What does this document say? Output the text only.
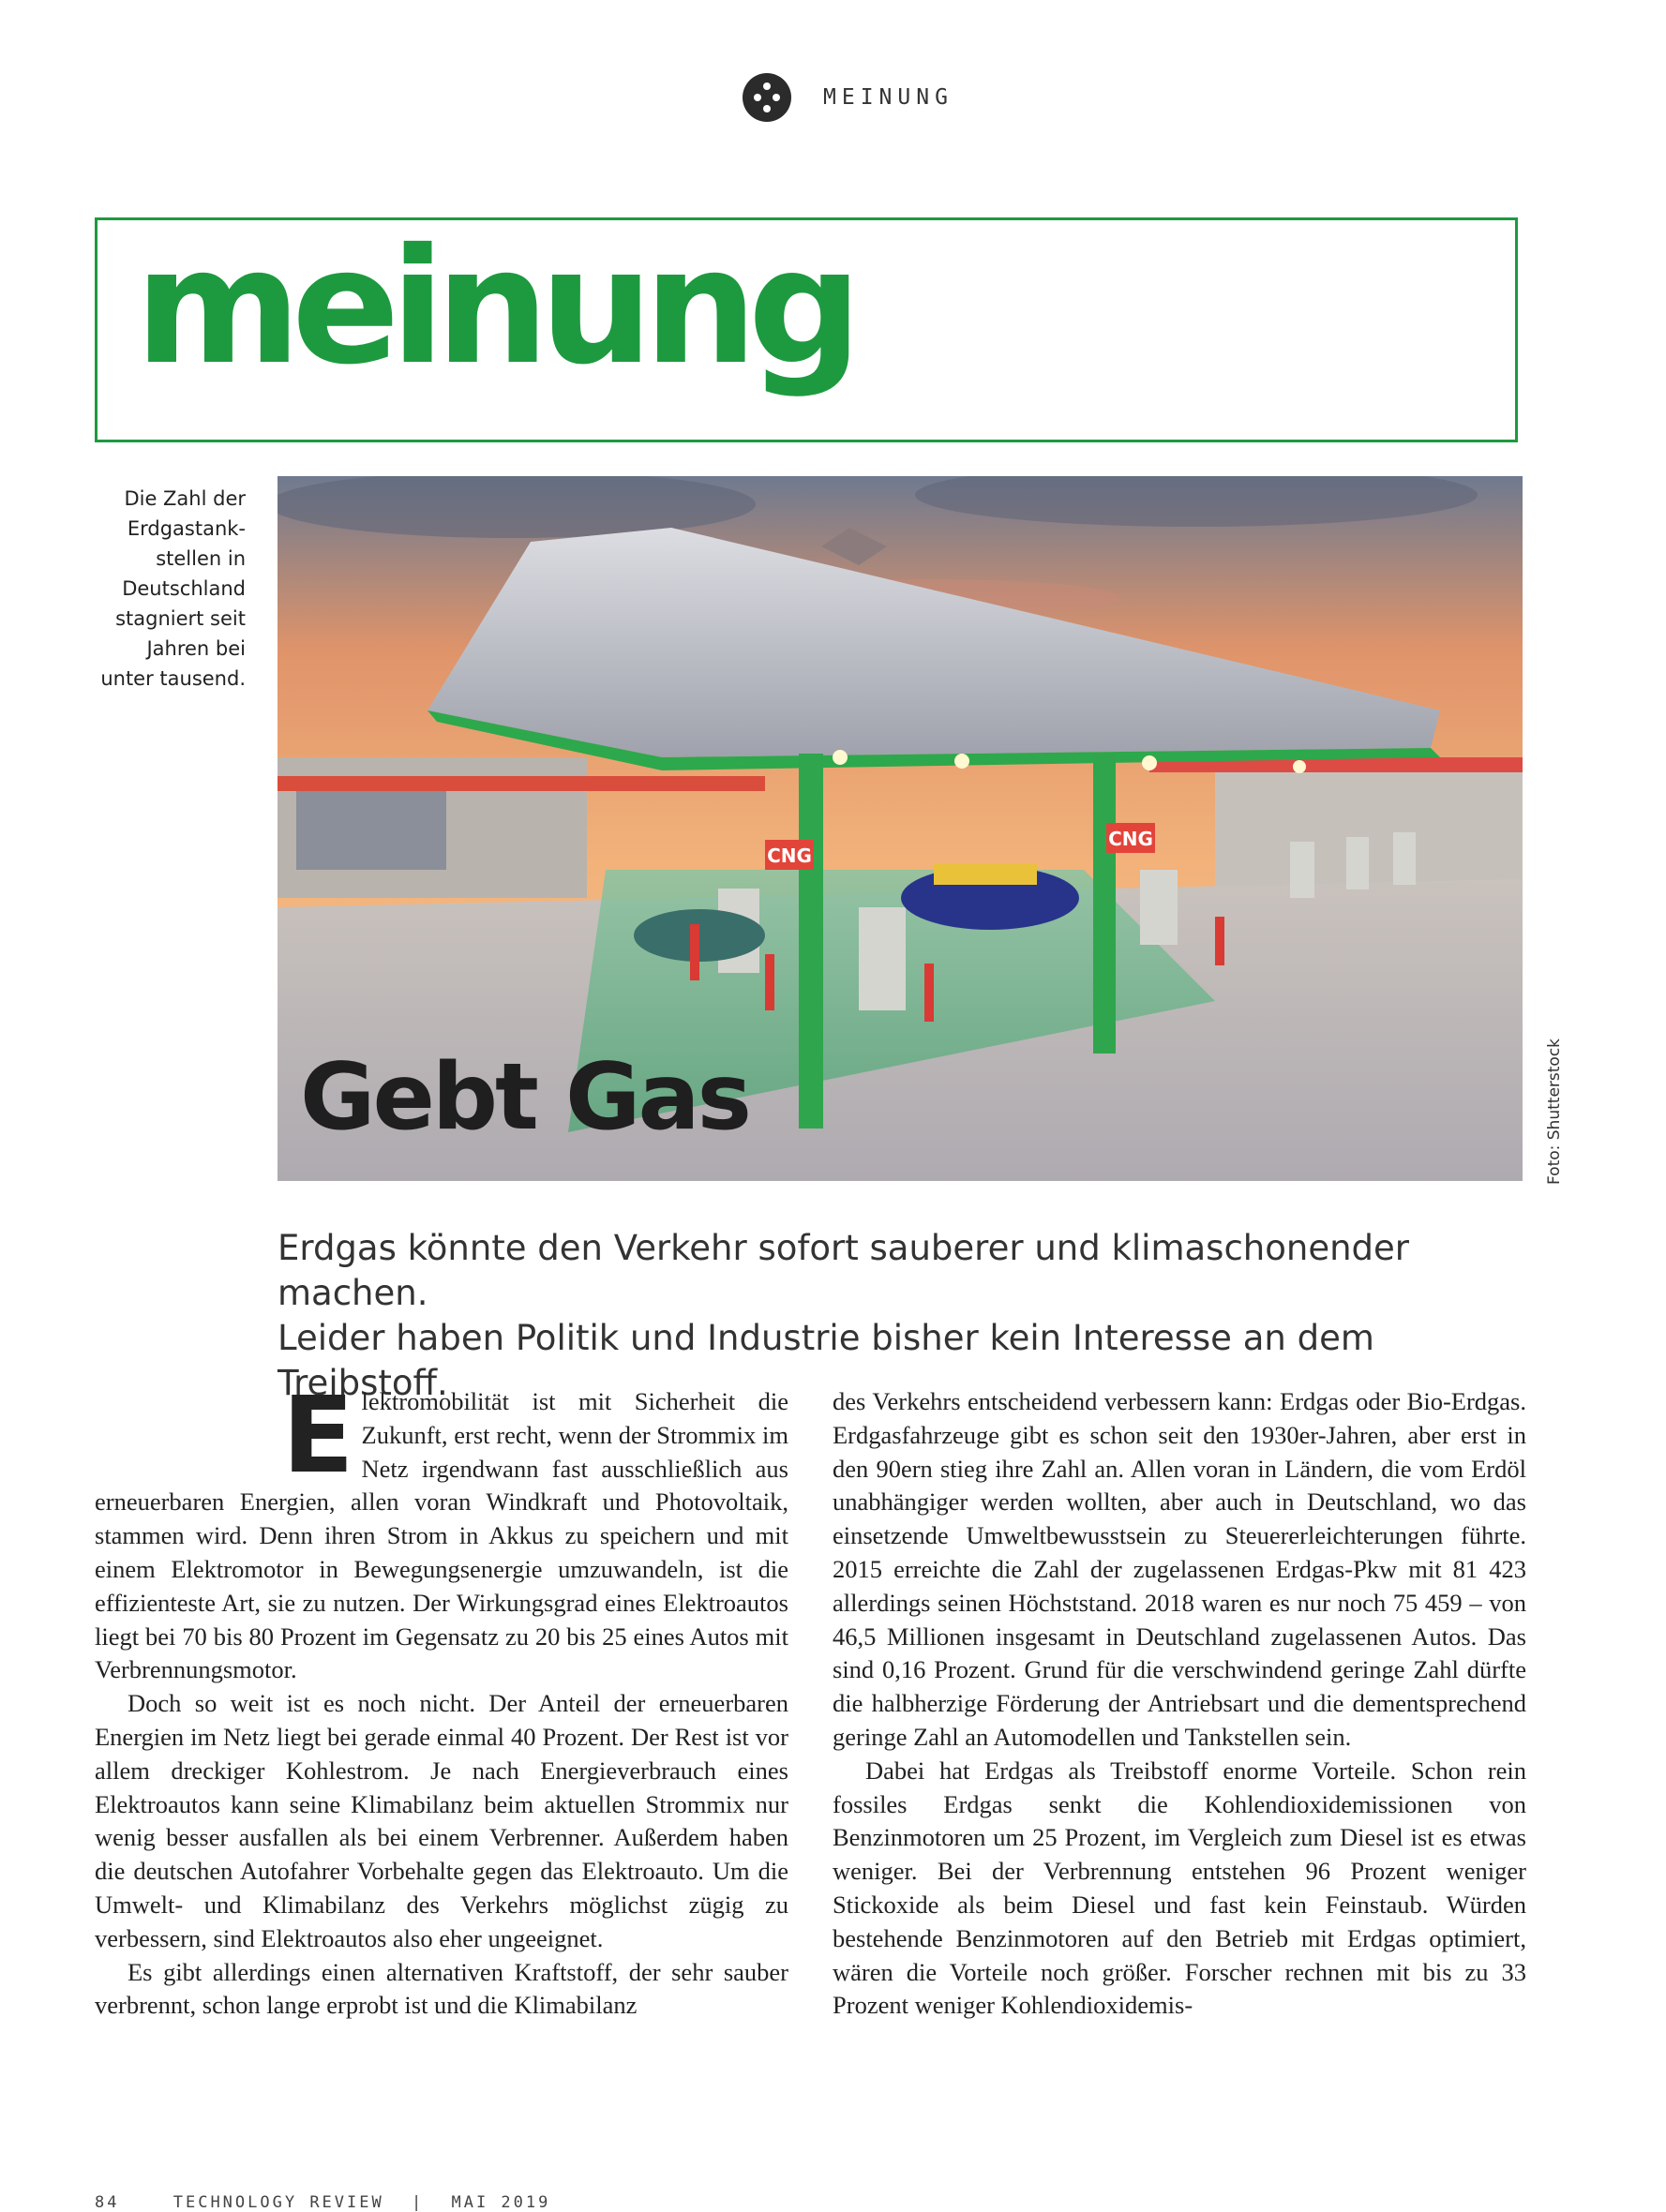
MEINUNG
meinung
Die Zahl der
Erdgastank-
stellen in
Deutschland
stagniert seit
Jahren bei
unter tausend.
CNG
CNG
Gebt Gas	Foto: Shutterstock
Erdgas könnte den Verkehr sofort sauberer und klimaschonender machen.
Leider haben Politik und Industrie bisher kein Interesse an dem Treibstoff.
E lektromobilität ist mit Sicherheit die Zukunft, erst recht, wenn der Strommix im Netz irgendwann fast ausschließlich aus erneuerbaren Energien, allen voran Windkraft und Photovoltaik, stammen wird. Denn ihren Strom in Akkus zu speichern und mit einem Elektromotor in Bewegungsenergie umzuwandeln, ist die effizienteste Art, sie zu nutzen. Der Wirkungsgrad eines Elektroautos liegt bei 70 bis 80 Prozent im Gegensatz zu 20 bis 25 eines Autos mit Verbrennungsmotor.

Doch so weit ist es noch nicht. Der Anteil der erneuerbaren Energien im Netz liegt bei gerade einmal 40 Prozent. Der Rest ist vor allem dreckiger Kohlestrom. Je nach Energieverbrauch eines Elektroautos kann seine Klimabilanz beim aktuellen Strommix nur wenig besser ausfallen als bei einem Verbrenner. Außerdem haben die deutschen Autofahrer Vorbehalte gegen das Elektroauto. Um die Umwelt- und Klimabilanz des Verkehrs möglichst zügig zu verbessern, sind Elektroautos also eher ungeeignet.

Es gibt allerdings einen alternativen Kraftstoff, der sehr sauber verbrennt, schon lange erprobt ist und die Klimabilanz

des Verkehrs entscheidend verbessern kann: Erdgas oder Bio-Erdgas. Erdgasfahrzeuge gibt es schon seit den 1930er-Jahren, aber erst in den 90ern stieg ihre Zahl an. Allen voran in Ländern, die vom Erdöl unabhängiger werden wollten, aber auch in Deutschland, wo das einsetzende Umweltbewusstsein zu Steuererleichterungen führte. 2015 erreichte die Zahl der zugelassenen Erdgas-Pkw mit 81 423 allerdings seinen Höchststand. 2018 waren es nur noch 75 459 – von 46,5 Millionen insgesamt in Deutschland zugelassenen Autos. Das sind 0,16 Prozent. Grund für die verschwindend geringe Zahl dürfte die halbherzige Förderung der Antriebsart und die dementsprechend geringe Zahl an Automodellen und Tankstellen sein.

Dabei hat Erdgas als Treibstoff enorme Vorteile. Schon rein fossiles Erdgas senkt die Kohlendioxidemissionen von Benzinmotoren um 25 Prozent, im Vergleich zum Diesel ist es etwas weniger. Bei der Verbrennung entstehen 96 Prozent weniger Stickoxide als beim Diesel und fast kein Feinstaub. Würden bestehende Benzinmotoren auf den Betrieb mit Erdgas optimiert, wären die Vorteile noch größer. Forscher rechnen mit bis zu 33 Prozent weniger Kohlendioxidemis-

84	TECHNOLOGY REVIEW | MAI 2019
